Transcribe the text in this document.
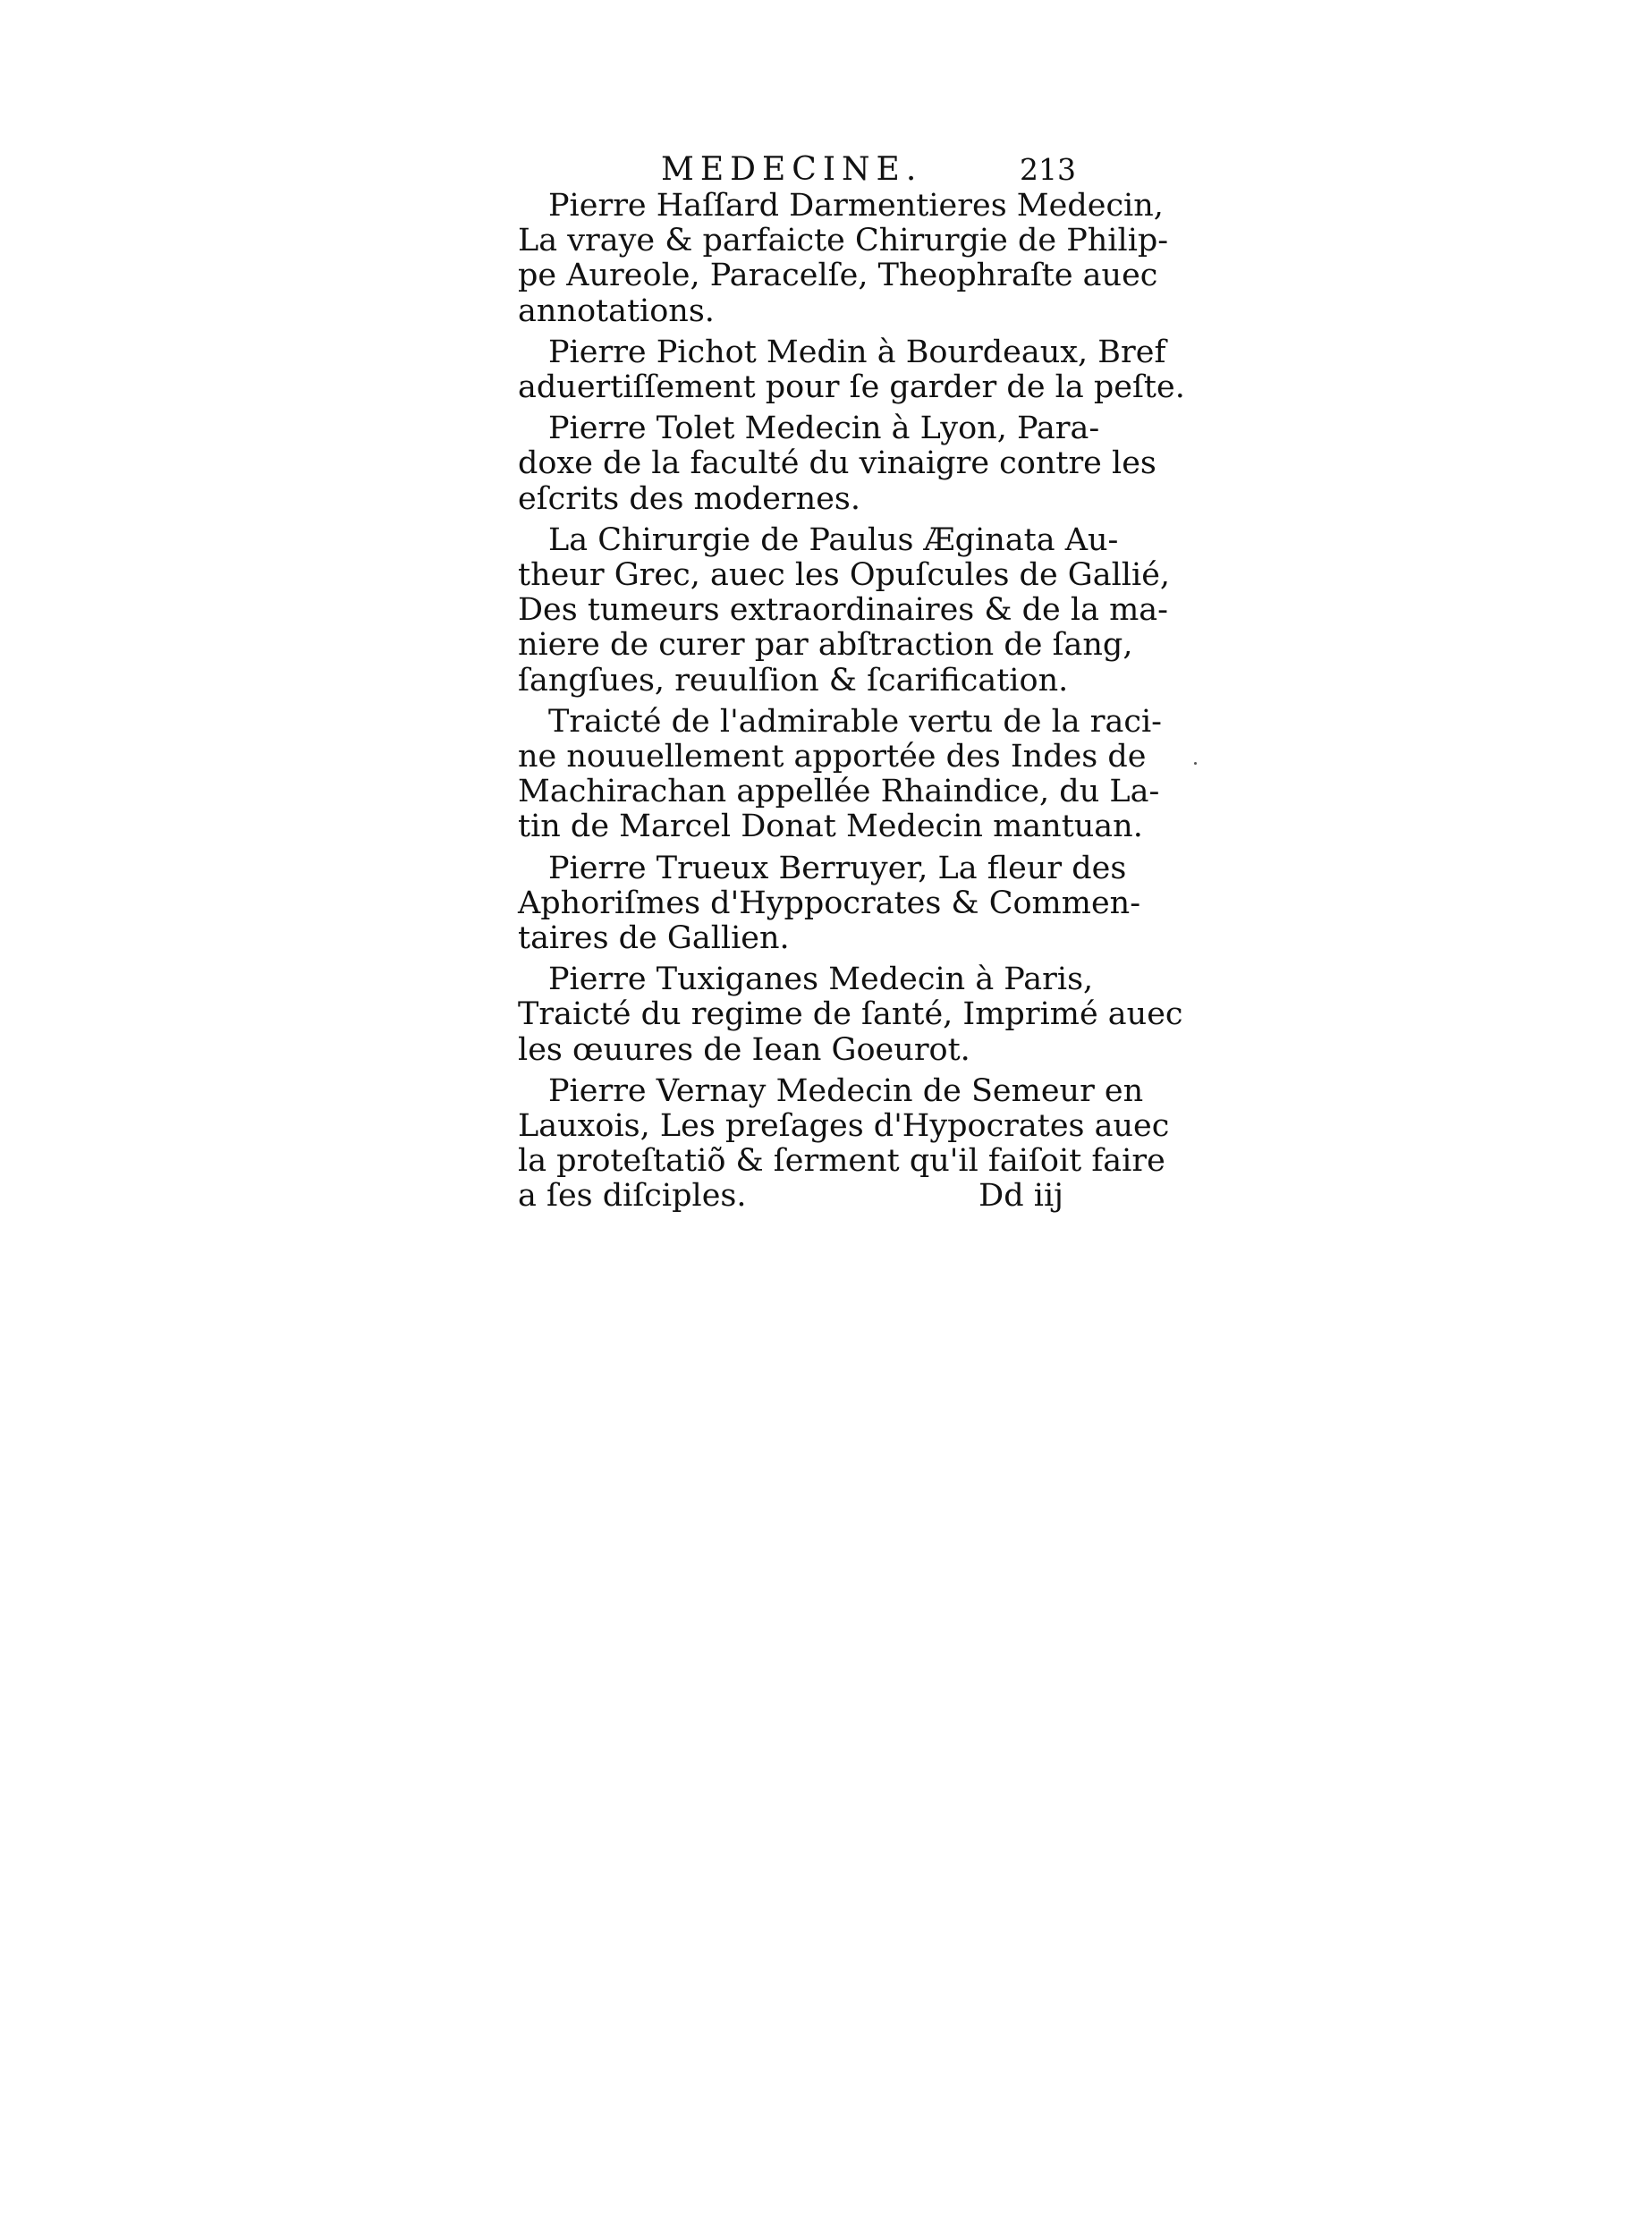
MEDECINE.	213
Pierre Haſſard Darmentieres Medecin,
La vraye & parfaicte Chirurgie de Philip-
pe Aureole, Paracelſe, Theophraſte auec
annotations.
Pierre Pichot Medin à Bourdeaux, Bref
aduertiſſement pour ſe garder de la peſte.
Pierre Tolet Medecin à Lyon, Para-
doxe de la faculté du vinaigre contre les
eſcrits des modernes.
La Chirurgie de Paulus Æginata Au-
theur Grec, auec les Opuſcules de Gallié,
Des tumeurs extraordinaires & de la ma-
niere de curer par abſtraction de ſang,
ſangſues, reuulſion & ſcarification.
Traicté de l'admirable vertu de la raci-
ne nouuellement apportée des Indes de
Machirachan appellée Rhaindice, du La-
tin de Marcel Donat Medecin mantuan.
Pierre Trueux Berruyer, La fleur des
Aphoriſmes d'Hyppocrates & Commen-
taires de Gallien.
Pierre Tuxiganes Medecin à Paris,
Traicté du regime de ſanté, Imprimé auec
les œuures de Iean Goeurot.
Pierre Vernay Medecin de Semeur en
Lauxois, Les preſages d'Hypocrates auec
la proteſtatiõ & ſerment qu'il faiſoit faire
a ſes diſciples.	Dd iij
